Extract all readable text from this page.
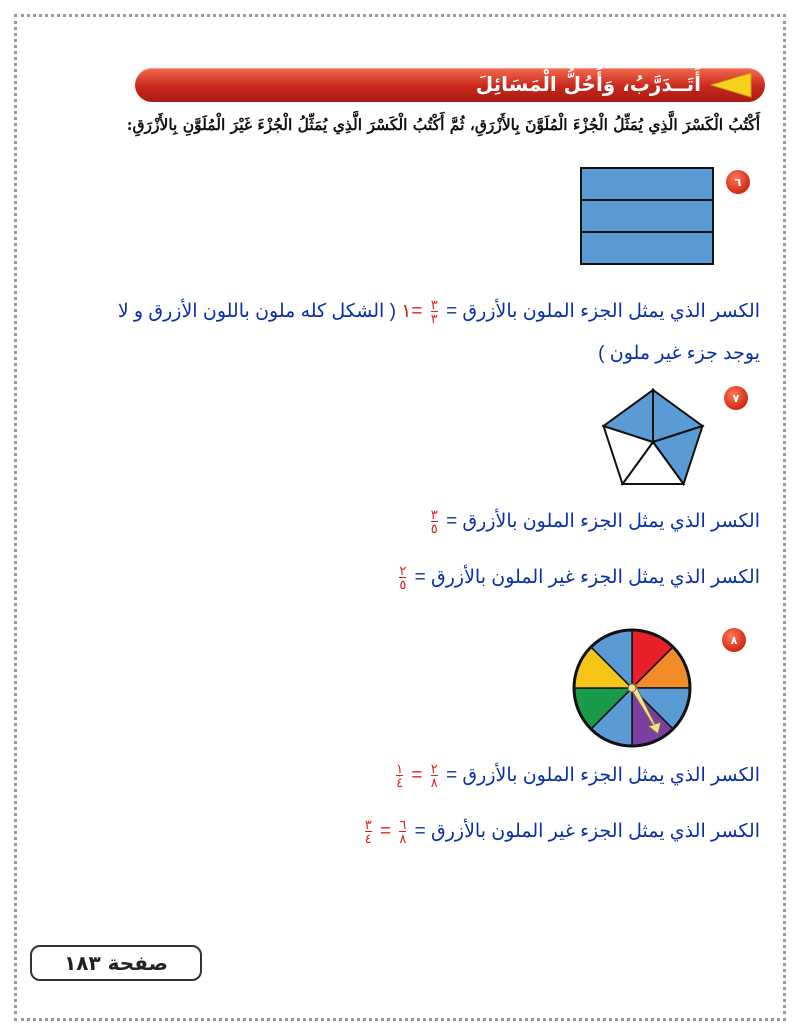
أَتَــدَرَّبُ، وَأَحُلُّ الْمَسَائِلَ
أَكْتُبُ الْكَسْرَ الَّذِي يُمَثِّلُ الْجُزْءَ الْمُلَوَّنَ بِالأَزْرَقِ، ثُمَّ أَكْتُبُ الْكَسْرَ الَّذِي يُمَثِّلُ الْجُزْءَ غَيْرَ الْمُلَوَّنِ بِالأَزْرَقِ:
٦
الكسر الذي يمثل الجزء الملون بالأزرق =
$\frac{٣}{٣}$
=١ ( الشكل كله ملون باللون الأزرق و لا
يوجد جزء غير ملون )
٧
الكسر الذي يمثل الجزء الملون بالأزرق =
$\frac{٣}{٥}$
الكسر الذي يمثل الجزء غير الملون بالأزرق =
$\frac{٢}{٥}$
٨
الكسر الذي يمثل الجزء الملون بالأزرق =
$\frac{٢}{٨}$
=
$\frac{١}{٤}$
الكسر الذي يمثل الجزء غير الملون بالأزرق =
$\frac{٦}{٨}$
=
$\frac{٣}{٤}$
صفحة ١٨٣
